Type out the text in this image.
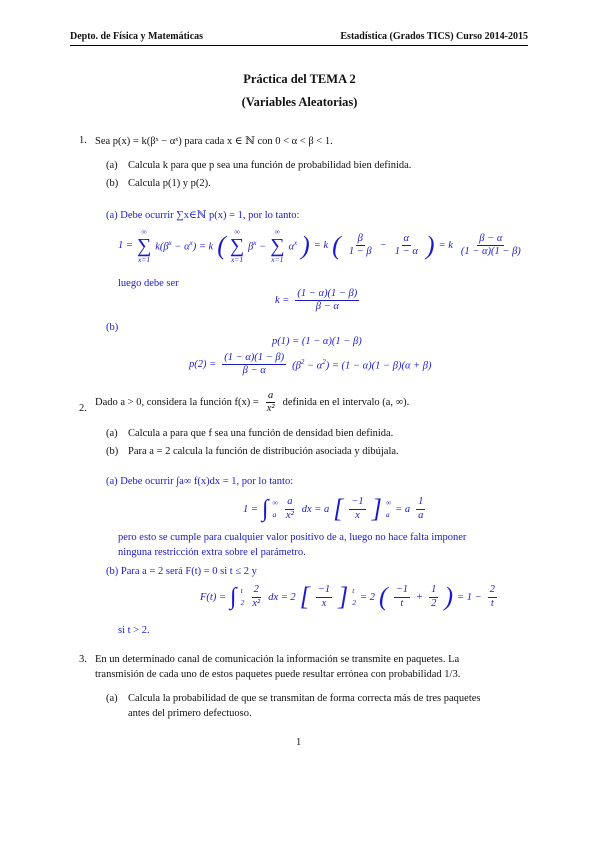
Depto. de Física y Matemáticas	Estadística (Grados TICS) Curso 2014-2015
Práctica del TEMA 2
(Variables Aleatorias)
1. Sea p(x) = k(βˣ − αˣ) para cada x ∈ ℕ con 0 < α < β < 1.
(a) Calcula k para que p sea una función de probabilidad bien definida.
(b) Calcula p(1) y p(2).
(a) Debe ocurrir ∑x∈ℕ p(x) = 1, por lo tanto:
1 =
∞
∑
x=1
$k(\beta^x - \alpha^x) = k$ ( ∞
∑
x=1
$\beta^x$ −
∞
∑
x=1
$\alpha^x$ ) = k ( $\frac{\beta}{1 - \beta} - \frac{\alpha}{1 - \alpha}$ ) = k $\frac{\beta - \alpha}{(1 - \alpha)(1 - \beta)}$
luego debe ser
$k = \frac{(1 - \alpha)(1 - \beta)}{\beta - \alpha}$
(b)
p(1) = (1 − α)(1 − β)
$p(2) = \frac{(1 - \alpha)(1 - \beta)}{\beta - \alpha} (\beta^2 - \alpha^2) = (1 - \alpha)(1 - \beta)(\alpha + \beta)$
2.
Dado a > 0, considera la función $f(x) = \frac{a}{\text{x²}}$ definida en el intervalo (a, ∞).
(a) Calcula a para que f sea una función de densidad bien definida.
(b) Para a = 2 calcula la función de distribución asociada y dibújala.
(a) Debe ocurrir ∫a∞ f(x)dx = 1, por lo tanto:
1 = ∫ ∞
a $\frac{a}{\text{x²}}$ dx = a [ $\frac{-1}{x}$ ] ∞
a = a $\frac{1}{a}$
pero esto se cumple para cualquier valor positivo de a, luego no hace falta imponer
ninguna restricción extra sobre el parámetro.
(b) Para a = 2 será F(t) = 0 si t ≤ 2 y
F(t) = ∫ t
$2 \frac{2}{\text{x²}}$ dx = 2 [ $\frac{-1}{x}$ ] t
2 = 2 ( $\frac{-1}{t} + \frac{1}{2}$ ) = $1 - \frac{2}{t}$
si t > 2.
3. En un determinado canal de comunicación la información se transmite en paquetes. La
transmisión de cada uno de estos paquetes puede resultar errónea con probabilidad 1/3.
(a) Calcula la probabilidad de que se transmitan de forma correcta más de tres paquetes
antes del primero defectuoso.
1
